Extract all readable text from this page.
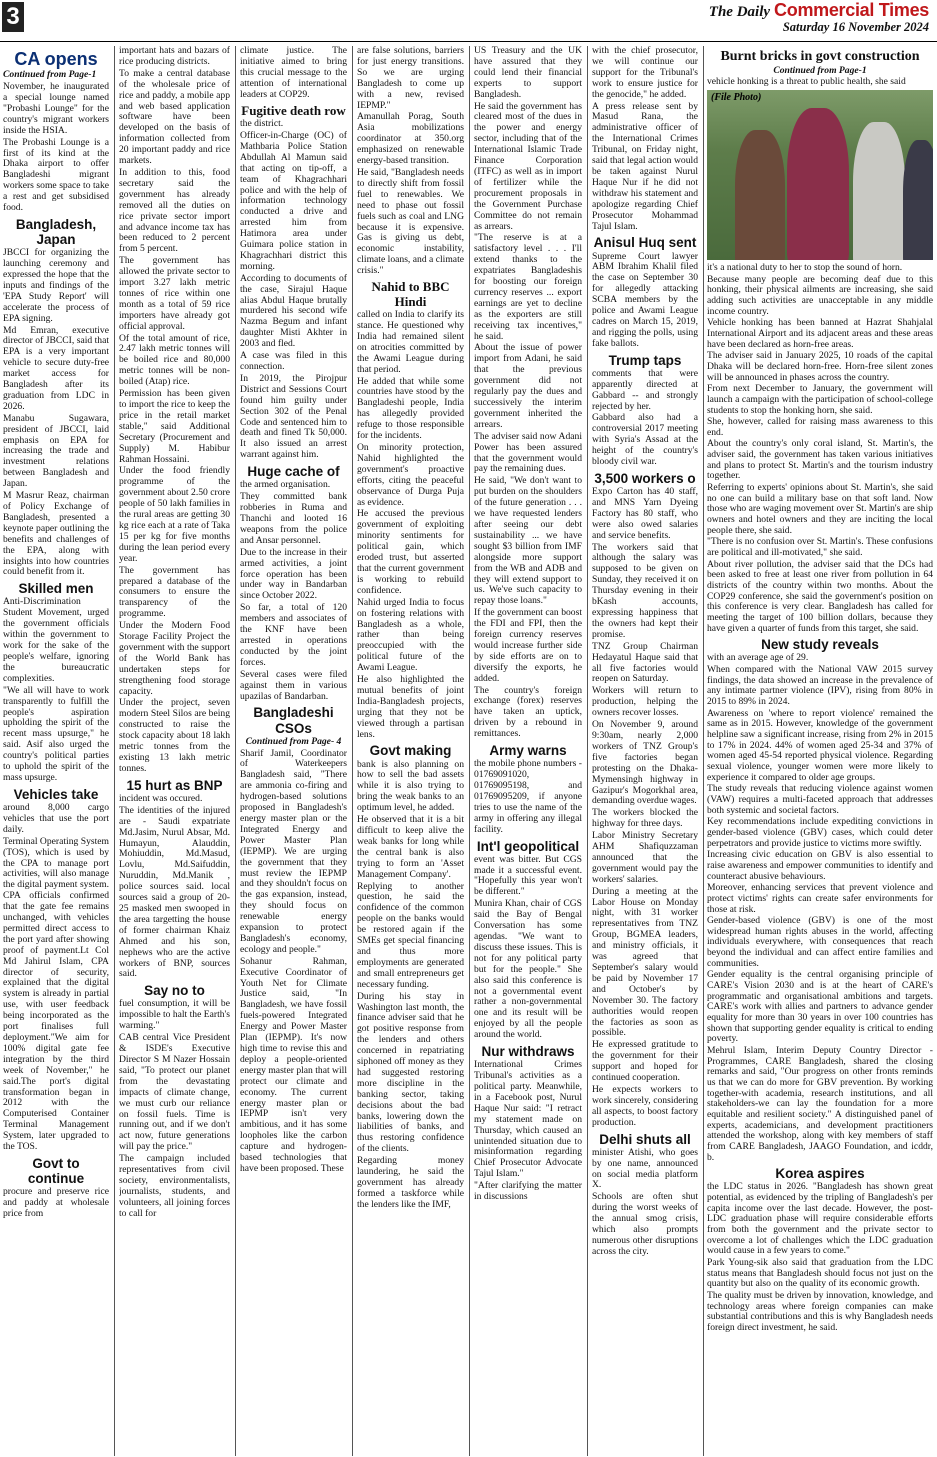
3	The Daily Commercial Times
Saturday 16 November 2024
CA opens
Continued from Page-1

November, he inaugurated a special lounge named "Probashi Lounge" for the country's migrant workers inside the HSIA.

The Probashi Lounge is a first of its kind at the Dhaka airport to offer Bangladeshi migrant workers some space to take a rest and get subsidised food.

Bangladesh, Japan

JBCCI for organizing the launching ceremony and expressed the hope that the inputs and findings of the 'EPA Study Report' will accelerate the process of EPA signing.

Md Emran, executive director of JBCCI, said that EPA is a very important vehicle to secure duty-free market access for Bangladesh after its graduation from LDC in 2026.

Manabu Sugawara, president of JBCCI, laid emphasis on EPA for increasing the trade and investment relations between Bangladesh and Japan.

M Masrur Reaz, chairman of Policy Exchange of Bangladesh, presented a keynote paper outlining the benefits and challenges of the EPA, along with insights into how countries could benefit from it.

Skilled men

Anti-Discrimination Student Movement, urged the government officials within the government to work for the sake of the people's welfare, ignoring the bureaucratic complexities.

"We all will have to work transparently to fulfill the people's aspiration upholding the spirit of the recent mass upsurge," he said. Asif also urged the country's political parties to uphold the spirit of the mass upsurge.

Vehicles take

around 8,000 cargo vehicles that use the port daily.

Terminal Operating System (TOS), which is used by the CPA to manage port activities, will also manage the digital payment system. CPA officials confirmed that the gate fee remains unchanged, with vehicles permitted direct access to the port yard after showing proof of payment.Lt Col Md Jahirul Islam, CPA director of security, explained that the digital system is already in partial use, with user feedback being incorporated as the port finalises full deployment."We aim for 100% digital gate fee integration by the third week of November," he said.The port's digital transformation began in 2012 with the Computerised Container Terminal Management System, later upgraded to the TOS.

Govt to continue

procure and preserve rice and paddy at wholesale price from

important hats and bazars of rice producing districts.

To make a central database of the wholesale price of rice and paddy, a mobile app and web based application software have been developed on the basis of information collected from 20 important paddy and rice markets.

In addition to this, food secretary said the government has already removed all the duties on rice private sector import and advance income tax has been reduced to 2 percent from 5 percent.

The government has allowed the private sector to import 3.27 lakh metric tonnes of rice within one month as a total of 59 rice importers have already got official approval.

Of the total amount of rice, 2.47 lakh metric tonnes will be boiled rice and 80,000 metric tonnes will be non-boiled (Atap) rice.

Permission has been given to import the rice to keep the price in the retail market stable," said Additional Secretary (Procurement and Supply) M. Habibur Rahman Hossaini.

Under the food friendly programme of the government about 2.50 crore people of 50 lakh families in the rural areas are getting 30 kg rice each at a rate of Taka 15 per kg for five months during the lean period every year.

The government has prepared a database of the consumers to ensure the transparency of the programme.

Under the Modern Food Storage Facility Project the government with the support of the World Bank has undertaken steps for strengthening food storage capacity.

Under the project, seven modern Steel Silos are being constructed to raise the stock capacity about 18 lakh metric tonnes from the existing 13 lakh metric tonnes.

15 hurt as BNP

incident was occured.

The identities of the injured are - Saudi expatriate Md.Jasim, Nurul Absar, Md. Humayun, Alauddin, Mohiuddin, Md.Masud, Lovlu, Md.Saifuddin, Nuruddin, Md.Manik , police sources said. local sources said a group of 20-25 masked men swooped in the area targetting the house of former chairman Khaiz Ahmed and his son, nephews who are the active workers of BNP, sources said.

Say no to

fuel consumption, it will be impossible to halt the Earth's warming."

CAB central Vice President & ISDE's Executive Director S M Nazer Hossain said, "To protect our planet from the devastating impacts of climate change, we must curb our reliance on fossil fuels. Time is running out, and if we don't act now, future generations will pay the price."

The campaign included representatives from civil society, environmentalists, journalists, students, and volunteers, all joining forces to call for

climate justice. The initiative aimed to bring this crucial message to the attention of international leaders at COP29.

Fugitive death row

the district.

Officer-in-Charge (OC) of Mathbaria Police Station Abdullah Al Mamun said that acting on tip-off, a team of Khagrachhari police and with the help of information technology conducted a drive and arrested him from Hatimora area under Guimara police station in Khagrachhari district this morning.

According to documents of the case, Sirajul Haque alias Abdul Haque brutally murdered his second wife Nazma Begum and infant daughter Misti Akhter in 2003 and fled.

A case was filed in this connection.

In 2019, the Pirojpur District and Sessions Court found him guilty under Section 302 of the Penal Code and sentenced him to death and fined Tk 50,000. It also issued an arrest warrant against him.

Huge cache of

the armed organisation.

They committed bank robberies in Ruma and Thanchi and looted 16 weapons from the police and Ansar personnel.

Due to the increase in their armed activities, a joint force operation has been under way in Bandarban since October 2022.

So far, a total of 120 members and associates of the KNF have been arrested in operations conducted by the joint forces.

Several cases were filed against them in various upazilas of Bandarban.

Bangladeshi CSOs
Continued from Page- 4

Sharif Jamil, Coordinator of Waterkeepers Bangladesh said, "There are ammonia co-firing and hydrogen-based solutions proposed in Bangladesh's energy master plan or the Integrated Energy and Power Master Plan (IEPMP). We are urging the government that they must review the IEPMP and they shouldn't focus on the gas expansion, instead, they should focus on renewable energy expansion to protect Bangladesh's economy, ecology and people."

Sohanur Rahman, Executive Coordinator of Youth Net for Climate Justice said, "In Bangladesh, we have fossil fuels-powered Integrated Energy and Power Master Plan (IEPMP). It's now high time to revise this and deploy a people-oriented energy master plan that will protect our climate and economy. The current energy master plan or IEPMP isn't very ambitious, and it has some loopholes like the carbon capture and hydrogen-based technologies that have been proposed. These

are false solutions, barriers for just energy transitions. So we are urging Bangladesh to come up with a new, revised IEPMP."

Amanullah Porag, South Asia mobilizations coordinator at 350.org emphasized on renewable energy-based transition.

He said, "Bangladesh needs to directly shift from fossil fuel to renewables. We need to phase out fossil fuels such as coal and LNG because it is expensive. Gas is giving us debt, economic instability, climate loans, and a climate crisis."

Nahid to BBC Hindi

called on India to clarify its stance. He questioned why India had remained silent on atrocities committed by the Awami League during that period.

He added that while some countries have stood by the Bangladeshi people, India has allegedly provided refuge to those responsible for the incidents.

On minority protection, Nahid highlighted the government's proactive efforts, citing the peaceful observance of Durga Puja as evidence.

He accused the previous government of exploiting minority sentiments for political gain, which eroded trust, but asserted that the current government is working to rebuild confidence.

Nahid urged India to focus on fostering relations with Bangladesh as a whole, rather than being preoccupied with the political future of the Awami League.

He also highlighted the mutual benefits of joint India-Bangladesh projects, urging that they not be viewed through a partisan lens.

Govt making

bank is also planning on how to sell the bad assets while it is also trying to bring the weak banks to an optimum level, he added.

He observed that it is a bit difficult to keep alive the weak banks for long while the central bank is also trying to form an 'Asset Management Company'.

Replying to another question, he said the confidence of the common people on the banks would be restored again if the SMEs get special financing and thus more employments are generated and small entrepreneurs get necessary funding.

During his stay in Washington last month, the finance adviser said that he got positive response from the lenders and others concerned in repatriating siphoned off money as they had suggested restoring more discipline in the banking sector, taking decisions about the bad banks, lowering down the liabilities of banks, and thus restoring confidence of the clients.

Regarding money laundering, he said the government has already formed a taskforce while the lenders like the IMF,

US Treasury and the UK have assured that they could lend their financial experts to support Bangladesh.

He said the government has cleared most of the dues in the power and energy sector, including that of the International Islamic Trade Finance Corporation (ITFC) as well as in import of fertilizer while the procurement proposals in the Government Purchase Committee do not remain as arrears.

"The reserve is at a satisfactory level . . . I'll extend thanks to the expatriates Bangladeshis for boosting our foreign currency reserves ... export earnings are yet to decline as the exporters are still receiving tax incentives," he said.

About the issue of power import from Adani, he said that the previous government did not regularly pay the dues and successively the interim government inherited the arrears.

The adviser said now Adani Power has been assured that the government would pay the remaining dues.

He said, "We don't want to put burden on the shoulders of the future generation . . . we have requested lenders after seeing our debt sustainability ... we have sought $3 billion from IMF alongside more support from the WB and ADB and they will extend support to us. We've such capacity to repay those loans."

If the government can boost the FDI and FPI, then the foreign currency reserves would increase further side by side efforts are on to diversify the exports, he added.

The country's foreign exchange (forex) reserves have taken an uptick, driven by a rebound in remittances.

Army warns

the mobile phone numbers - 01769091020, 01769095198, and 01769095209, if anyone tries to use the name of the army in offering any illegal facility.

Int'l geopolitical

event was bitter. But CGS made it a successful event. "Hopefully this year won't be different."

Munira Khan, chair of CGS said the Bay of Bengal Conversation has some agendas. "We want to discuss these issues. This is not for any political party but for the people." She also said this conference is not a governmental event rather a non-governmental one and its result will be enjoyed by all the people around the world.

Nur withdraws

International Crimes Tribunal's activities as a political party. Meanwhile, in a Facebook post, Nurul Haque Nur said: "I retract my statement made on Thursday, which caused an unintended situation due to misinformation regarding Chief Prosecutor Advocate Tajul Islam."

"After clarifying the matter in discussions

with the chief prosecutor, we will continue our support for the Tribunal's work to ensure justice for the genocide," he added.

A press release sent by Masud Rana, the administrative officer of the International Crimes Tribunal, on Friday night, said that legal action would be taken against Nurul Haque Nur if he did not withdraw his statement and apologize regarding Chief Prosecutor Mohammad Tajul Islam.

Anisul Huq sent

Supreme Court lawyer ABM Ibrahim Khalil filed the case on September 30 for allegedly attacking SCBA members by the police and Awami League cadres on March 15, 2019, and rigging the polls, using fake ballots.

Trump taps

comments that were apparently directed at Gabbard -- and strongly rejected by her.

Gabbard also had a controversial 2017 meeting with Syria's Assad at the height of the country's bloody civil war.

3,500 workers o

Expo Carton has 40 staff, and MNS Yarn Dyeing Factory has 80 staff, who were also owed salaries and service benefits.

The workers said that although the salary was supposed to be given on Sunday, they received it on Thursday evening in their bKash accounts, expressing happiness that the owners had kept their promise.

TNZ Group Chairman Hedayatul Haque said that all five factories would reopen on Saturday.

Workers will return to production, helping the owners recover losses.

On November 9, around 9:30am, nearly 2,000 workers of TNZ Group's five factories began protesting on the Dhaka-Mymensingh highway in Gazipur's Mogorkhal area, demanding overdue wages.

The workers blocked the highway for three days.

Labor Ministry Secretary AHM Shafiquzzaman announced that the government would pay the workers' salaries.

During a meeting at the Labor House on Monday night, with 31 worker representatives from TNZ Group, BGMEA leaders, and ministry officials, it was agreed that September's salary would be paid by November 17 and October's by November 30. The factory authorities would reopen the factories as soon as possible.

He expressed gratitude to the government for their support and hoped for continued cooperation.

He expects workers to work sincerely, considering all aspects, to boost factory production.

Delhi shuts all

minister Atishi, who goes by one name, announced on social media platform X.

Schools are often shut during the worst weeks of the annual smog crisis, which also prompts numerous other disruptions across the city.

Burnt bricks in govt construction
Continued from Page-1

vehicle honking is a threat to public health, she said

(File Photo)

it's a national duty to her to stop the sound of horn.

Because many people are becoming deaf due to this honking, their physical ailments are increasing, she said adding such activities are unacceptable in any middle income country.

Vehicle honking has been banned at Hazrat Shahjalal International Airport and its adjacent areas and these areas have been declared as horn-free areas.

The adviser said in January 2025, 10 roads of the capital Dhaka will be declared horn-free. Horn-free silent zones will be announced in phases across the country.

From next December to January, the government will launch a campaign with the participation of school-college students to stop the honking horn, she said.

She, however, called for raising mass awareness to this end.

About the country's only coral island, St. Martin's, the adviser said, the government has taken various initiatives and plans to protect St. Martin's and the tourism industry together.

Referring to experts' opinions about St. Martin's, she said no one can build a military base on that soft land. Now those who are waging movement over St. Martin's are ship owners and hotel owners and they are inciting the local people there, she said.

"There is no confusion over St. Martin's. These confusions are political and ill-motivated," she said.

About river pollution, the adviser said that the DCs had been asked to free at least one river from pollution in 64 districts of the country within two months. About the COP29 conference, she said the government's position on this conference is very clear. Bangladesh has called for meeting the target of 100 billion dollars, because they have given a quarter of funds from this target, she said.

New study reveals

with an average age of 29.

When compared with the National VAW 2015 survey findings, the data showed an increase in the prevalence of any intimate partner violence (IPV), rising from 80% in 2015 to 89% in 2024.

Awareness on 'where to report violence' remained the same as in 2015. However, knowledge of the government helpline saw a significant increase, rising from 2% in 2015 to 17% in 2024. 44% of women aged 25-34 and 37% of women aged 45-54 reported physical violence. Regarding sexual violence, younger women were more likely to experience it compared to older age groups.

The study reveals that reducing violence against women (VAW) requires a multi-faceted approach that addresses both systemic and societal factors.

Key recommendations include expediting convictions in gender-based violence (GBV) cases, which could deter perpetrators and provide justice to victims more swiftly.

Increasing civic education on GBV is also essential to raise awareness and empower communities to identify and counteract abusive behaviours.

Moreover, enhancing services that prevent violence and protect victims' rights can create safer environments for those at risk.

Gender-based violence (GBV) is one of the most widespread human rights abuses in the world, affecting individuals everywhere, with consequences that reach beyond the individual and can affect entire families and communities.

Gender equality is the central organising principle of CARE's Vision 2030 and is at the heart of CARE's programmatic and organisational ambitions and targets. CARE's work with allies and partners to advance gender equality for more than 30 years in over 100 countries has shown that supporting gender equality is critical to ending poverty.

Mehrul Islam, Interim Deputy Country Director - Programmes, CARE Bangladesh, shared the closing remarks and said, "Our progress on other fronts reminds us that we can do more for GBV prevention. By working together-with academia, research institutions, and all stakeholders-we can lay the foundation for a more equitable and resilient society." A distinguished panel of experts, academicians, and development practitioners attended the workshop, along with key members of staff from CARE Bangladesh, JAAGO Foundation, and icddr, b.

Korea aspires

the LDC status in 2026. "Bangladesh has shown great potential, as evidenced by the tripling of Bangladesh's per capita income over the last decade. However, the post-LDC graduation phase will require considerable efforts from both the government and the private sector to overcome a lot of challenges which the LDC graduation would cause in a few years to come."

Park Young-sik also said that graduation from the LDC status means that Bangladesh should focus not just on the quantity but also on the quality of its economic growth.

The quality must be driven by innovation, knowledge, and technology areas where foreign companies can make substantial contributions and this is why Bangladesh needs foreign direct investment, he said.
